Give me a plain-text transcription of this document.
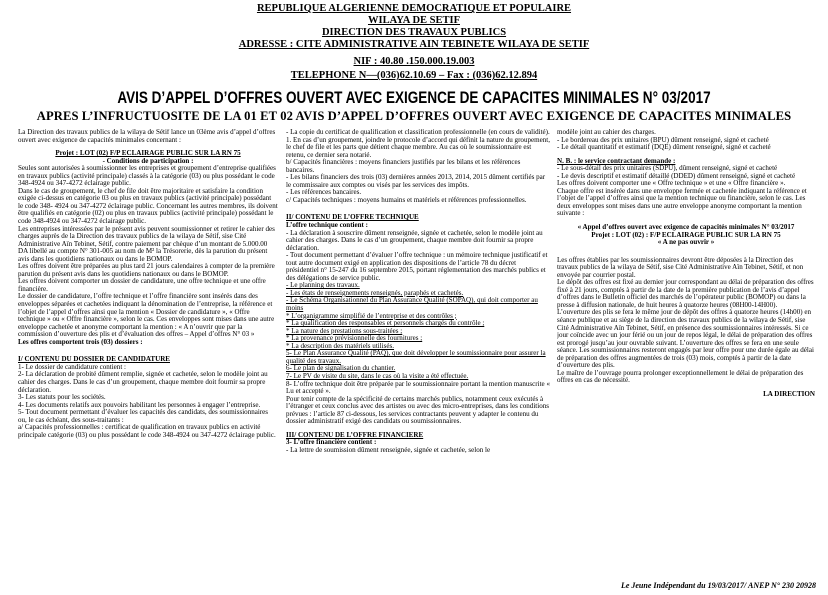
REPUBLIQUE ALGERIENNE DEMOCRATIQUE ET POPULAIRE
WILAYA DE SETIF
DIRECTION DES TRAVAUX PUBLICS
ADRESSE : CITE ADMINISTRATIVE AIN TEBINETE WILAYA DE SETIF
NIF : 40.80 .150.000.19.003
TELEPHONE N—(036)62.10.69 – Fax : (036)62.12.894
AVIS D’APPEL D’OFFRES OUVERT AVEC EXIGENCE DE CAPACITES MINIMALES N° 03/2017
APRES L’INFRUCTUOSITE DE LA 01 ET 02 AVIS D’APPEL D’OFFRES OUVERT AVEC EXIGENCE DE CAPACITES MINIMALES

La Direction des travaux publics de la wilaya de Sétif lance un 03ème avis d’appel d’offres ouvert avec exigence de capacités minimales concernant :

Projet : LOT (02) F/P ECLAIRAGE PUBLIC SUR LA RN 75

- Conditions de participation :

Seules sont autorisées à soumissionner les entreprises et groupement d’entreprise qualifiées en travaux publics (activité principale) classés à la catégorie (03) ou plus possédant le code 348-4924 ou 347-4272 éclairage public.

Dans le cas de groupement, le chef de file doit être majoritaire et satisfaire la condition exigée ci-dessus en catégorie 03 ou plus en travaux publics (activité principale) possédant le code 348- 4924 ou 347-4272 éclairage public. Concernant les autres membres, ils doivent être qualifiés en catégorie (02) ou plus en travaux publics (activité principale) possédant le code 348-4924 ou 347-4272 éclairage public.

Les entreprises intéressées par le présent avis peuvent soumissionner et retirer le cahier des charges auprès de la Direction des travaux publics de la wilaya de Sétif, sise Cité Administrative Aïn Tebinet, Sétif, contre paiement par chèque d’un montant de 5.000.00 DA libellé au compte N° 301-005 au nom de M² la Trésorerie, dès la parution du présent avis dans les quotidiens nationaux ou dans le BOMOP.

Les offres doivent être préparées au plus tard 21 jours calendaires à compter de la première parution du présent avis dans les quotidiens nationaux ou dans le BOMOP.

Les offres doivent comporter un dossier de candidature, une offre technique et une offre financière.

Le dossier de candidature, l’offre technique et l’offre financière sont insérés dans des enveloppes séparées et cachetées indiquant la dénomination de l’entreprise, la référence et l’objet de l’appel d’offres ainsi que la mention « Dossier de candidature », « Offre technique » ou « Offre financière », selon le cas. Ces enveloppes sont mises dans une autre enveloppe cachetée et anonyme comportant la mention : « A n’ouvrir que par la commission d’ouverture des plis et d’évaluation des offres – Appel d’offres N° 03 »

Les offres comportent trois (03) dossiers :

I/ CONTENU DU DOSSIER DE CANDIDATURE

1- Le dossier de candidature contient :

2- La déclaration de probité dûment remplie, signée et cachetée, selon le modèle joint au cahier des charges. Dans le cas d’un groupement, chaque membre doit fournir sa propre déclaration.

3- Les statuts pour les sociétés.

4- Les documents relatifs aux pouvoirs habilitant les personnes à engager l’entreprise.

5- Tout document permettant d’évaluer les capacités des candidats, des soumissionnaires ou, le cas échéant, des sous-traitants :

a/ Capacités professionnelles : certificat de qualification en travaux publics en activité principale catégorie (03) ou plus possédant le code 348-4924 ou 347-4272 éclairage public.

- La copie du certificat de qualification et classification professionnelle (en cours de validité).

1. En cas d’un groupement, joindre le protocole d’accord qui définit la nature du groupement, le chef de file et les parts que détient chaque membre. Au cas où le soumissionnaire est retenu, ce dernier sera notarié.

b/ Capacités financières : moyens financiers justifiés par les bilans et les références bancaires.

- Les bilans financiers des trois (03) dernières années 2013, 2014, 2015 dûment certifiés par le commissaire aux comptes ou visés par les services des impôts.

- Les références bancaires.

c/ Capacités techniques : moyens humains et matériels et références professionnelles.

II/ CONTENU DE L’OFFRE TECHNIQUE

L’offre technique contient :

- La déclaration à souscrire dûment renseignée, signée et cachetée, selon le modèle joint au cahier des charges. Dans le cas d’un groupement, chaque membre doit fournir sa propre déclaration.

- Tout document permettant d’évaluer l’offre technique : un mémoire technique justificatif et tout autre document exigé en application des dispositions de l’article 78 du décret présidentiel n° 15-247 du 16 septembre 2015, portant réglementation des marchés publics et des délégations de service public.

- Le planning des travaux.

- Les états de renseignements renseignés, paraphés et cachetés.

- Le Schéma Organisationnel du Plan Assurance Qualité (SOPAQ), qui doit comporter au moins

* L’organigramme simplifié de l’entreprise et des contrôles ;

* La qualification des responsables et personnels chargés du contrôle ;

* La nature des prestations sous-traitées ;

* La provenance prévisionnelle des fournitures ;

* La description des matériels utilisés.

5- Le Plan Assurance Qualité (PAQ), que doit développer le soumissionnaire pour assurer la qualité des travaux.

6- Le plan de signalisation du chantier.

7- Le PV de visite du site, dans le cas où la visite a été effectuée.

8- L’offre technique doit être préparée par le soumissionnaire portant la mention manuscrite « Lu et accepté ».

Pour tenir compte de la spécificité de certains marchés publics, notamment ceux exécutés à l’étranger et ceux conclus avec des artistes ou avec des micro-entreprises, dans les conditions prévues : l’article 87 ci-dessous, les services contractants peuvent y adapter le contenu du dossier administratif exigé des candidats ou soumissionnaires.

III/ CONTENU DE L’OFFRE FINANCIERE

3- L’offre financière contient :

- La lettre de soumission dûment renseignée, signée et cachetée, selon le

modèle joint au cahier des charges.

- Le bordereau des prix unitaires (BPU) dûment renseigné, signé et cacheté

- Le détail quantitatif et estimatif (DQE) dûment renseigné, signé et cacheté

N. B. : le service contractant demande :

- Le sous-détail des prix unitaires (SDPU), dûment renseigné, signé et cacheté

- Le devis descriptif et estimatif détaillé (DDED) dûment renseigné, signé et cacheté

Les offres doivent comporter une « Offre technique » et une « Offre financière ».

Chaque offre est insérée dans une enveloppe fermée et cachetée indiquant la référence et l’objet de l’appel d’offres ainsi que la mention technique ou financière, selon le cas. Les deux enveloppes sont mises dans une autre enveloppe anonyme comportant la mention suivante :

« Appel d’offres ouvert avec exigence de capacités minimales N° 03/2017

Projet : LOT (02) : F/P ECLAIRAGE PUBLIC SUR LA RN 75

« A ne pas ouvrir »

Les offres établies par les soumissionnaires devront être déposées à la Direction des travaux publics de la wilaya de Sétif, sise Cité Administrative Aïn Tebinet, Sétif, et non envoyée par courrier postal.

Le dépôt des offres est fixé au dernier jour correspondant au délai de préparation des offres fixé à 21 jours, comptés à partir de la date de la première publication de l’avis d’appel d’offres dans le Bulletin officiel des marchés de l’opérateur public (BOMOP) ou dans la presse à diffusion nationale, de huit heures à quatorze heures (08H00-14H00).

L’ouverture des plis se fera le même jour de dépôt des offres à quatorze heures (14h00) en séance publique et au siège de la direction des travaux publics de la wilaya de Sétif, sise Cité Administrative Aïn Tebinet, Sétif, en présence des soumissionnaires intéressés. Si ce jour coïncide avec un jour férié ou un jour de repos légal, le délai de préparation des offres est prorogé jusqu’au jour ouvrable suivant. L’ouverture des offres se fera en une seule séance. Les soumissionnaires resteront engagés par leur offre pour une durée égale au délai de préparation des offres augmentées de trois (03) mois, comptés à partir de la date d’ouverture des plis.

Le maître de l’ouvrage pourra prolonger exceptionnellement le délai de préparation des offres en cas de nécessité.

LA DIRECTION

Le Jeune Indépendant du 19/03/2017/ ANEP N° 230 20928
